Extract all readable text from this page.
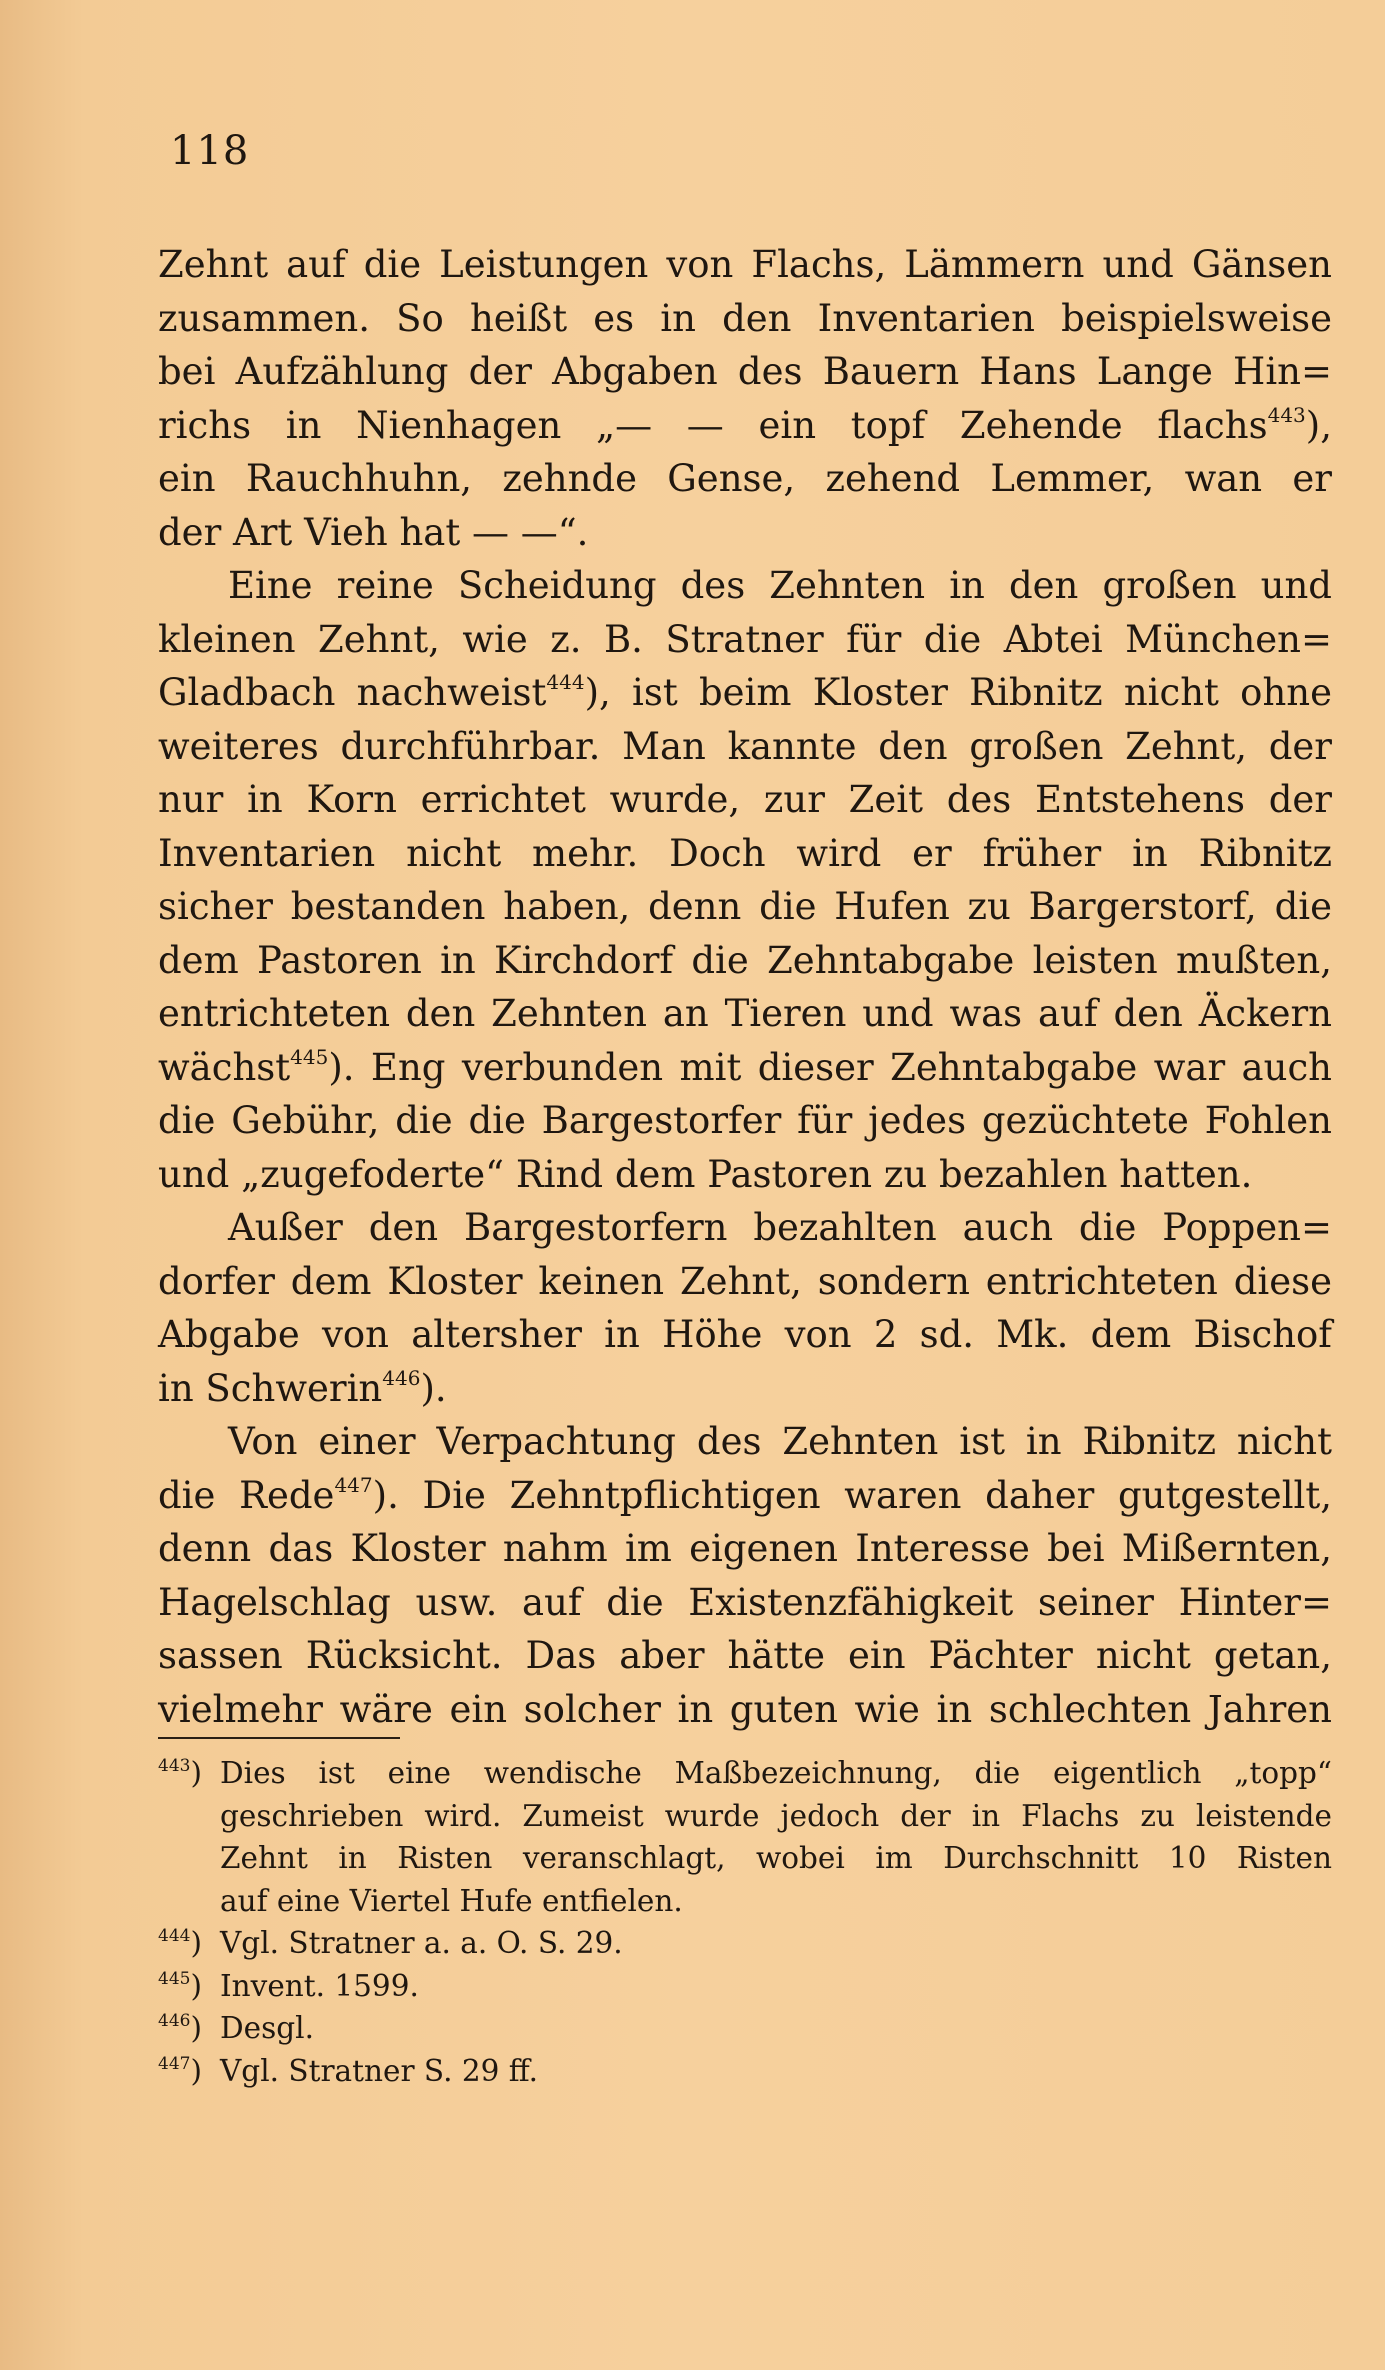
118
Zehnt auf die Leistungen von Flachs, Lämmern und Gänsen
zusammen. So heißt es in den Inventarien beispielsweise
bei Aufzählung der Abgaben des Bauern Hans Lange Hin=
richs in Nienhagen „— — ein topf Zehende flachs$^{443}$),
ein Rauchhuhn, zehnde Gense, zehend Lemmer, wan er
der Art Vieh hat — —“.
Eine reine Scheidung des Zehnten in den großen und
kleinen Zehnt, wie z. B. Stratner für die Abtei München=
Gladbach nachweist$^{444}$), ist beim Kloster Ribnitz nicht ohne
weiteres durchführbar. Man kannte den großen Zehnt, der
nur in Korn errichtet wurde, zur Zeit des Entstehens der
Inventarien nicht mehr. Doch wird er früher in Ribnitz
sicher bestanden haben, denn die Hufen zu Bargerstorf, die
dem Pastoren in Kirchdorf die Zehntabgabe leisten mußten,
entrichteten den Zehnten an Tieren und was auf den Äckern
wächst$^{445}$). Eng verbunden mit dieser Zehntabgabe war auch
die Gebühr, die die Bargestorfer für jedes gezüchtete Fohlen
und „zugefoderte“ Rind dem Pastoren zu bezahlen hatten.
Außer den Bargestorfern bezahlten auch die Poppen=
dorfer dem Kloster keinen Zehnt, sondern entrichteten diese
Abgabe von altersher in Höhe von 2 sd. Mk. dem Bischof
in Schwerin$^{446}$).
Von einer Verpachtung des Zehnten ist in Ribnitz nicht
die Rede$^{447}$). Die Zehntpflichtigen waren daher gutgestellt,
denn das Kloster nahm im eigenen Interesse bei Mißernten,
Hagelschlag usw. auf die Existenzfähigkeit seiner Hinter=
sassen Rücksicht. Das aber hätte ein Pächter nicht getan,
vielmehr wäre ein solcher in guten wie in schlechten Jahren
$^{443}$) Dies ist eine wendische Maßbezeichnung, die eigentlich „topp“
geschrieben wird. Zumeist wurde jedoch der in Flachs zu leistende
Zehnt in Risten veranschlagt, wobei im Durchschnitt 10 Risten
auf eine Viertel Hufe entfielen.
$^{444}$) Vgl. Stratner a. a. O. S. 29.
$^{445}$) Invent. 1599.
$^{446}$) Desgl.
$^{447}$) Vgl. Stratner S. 29 ff.
